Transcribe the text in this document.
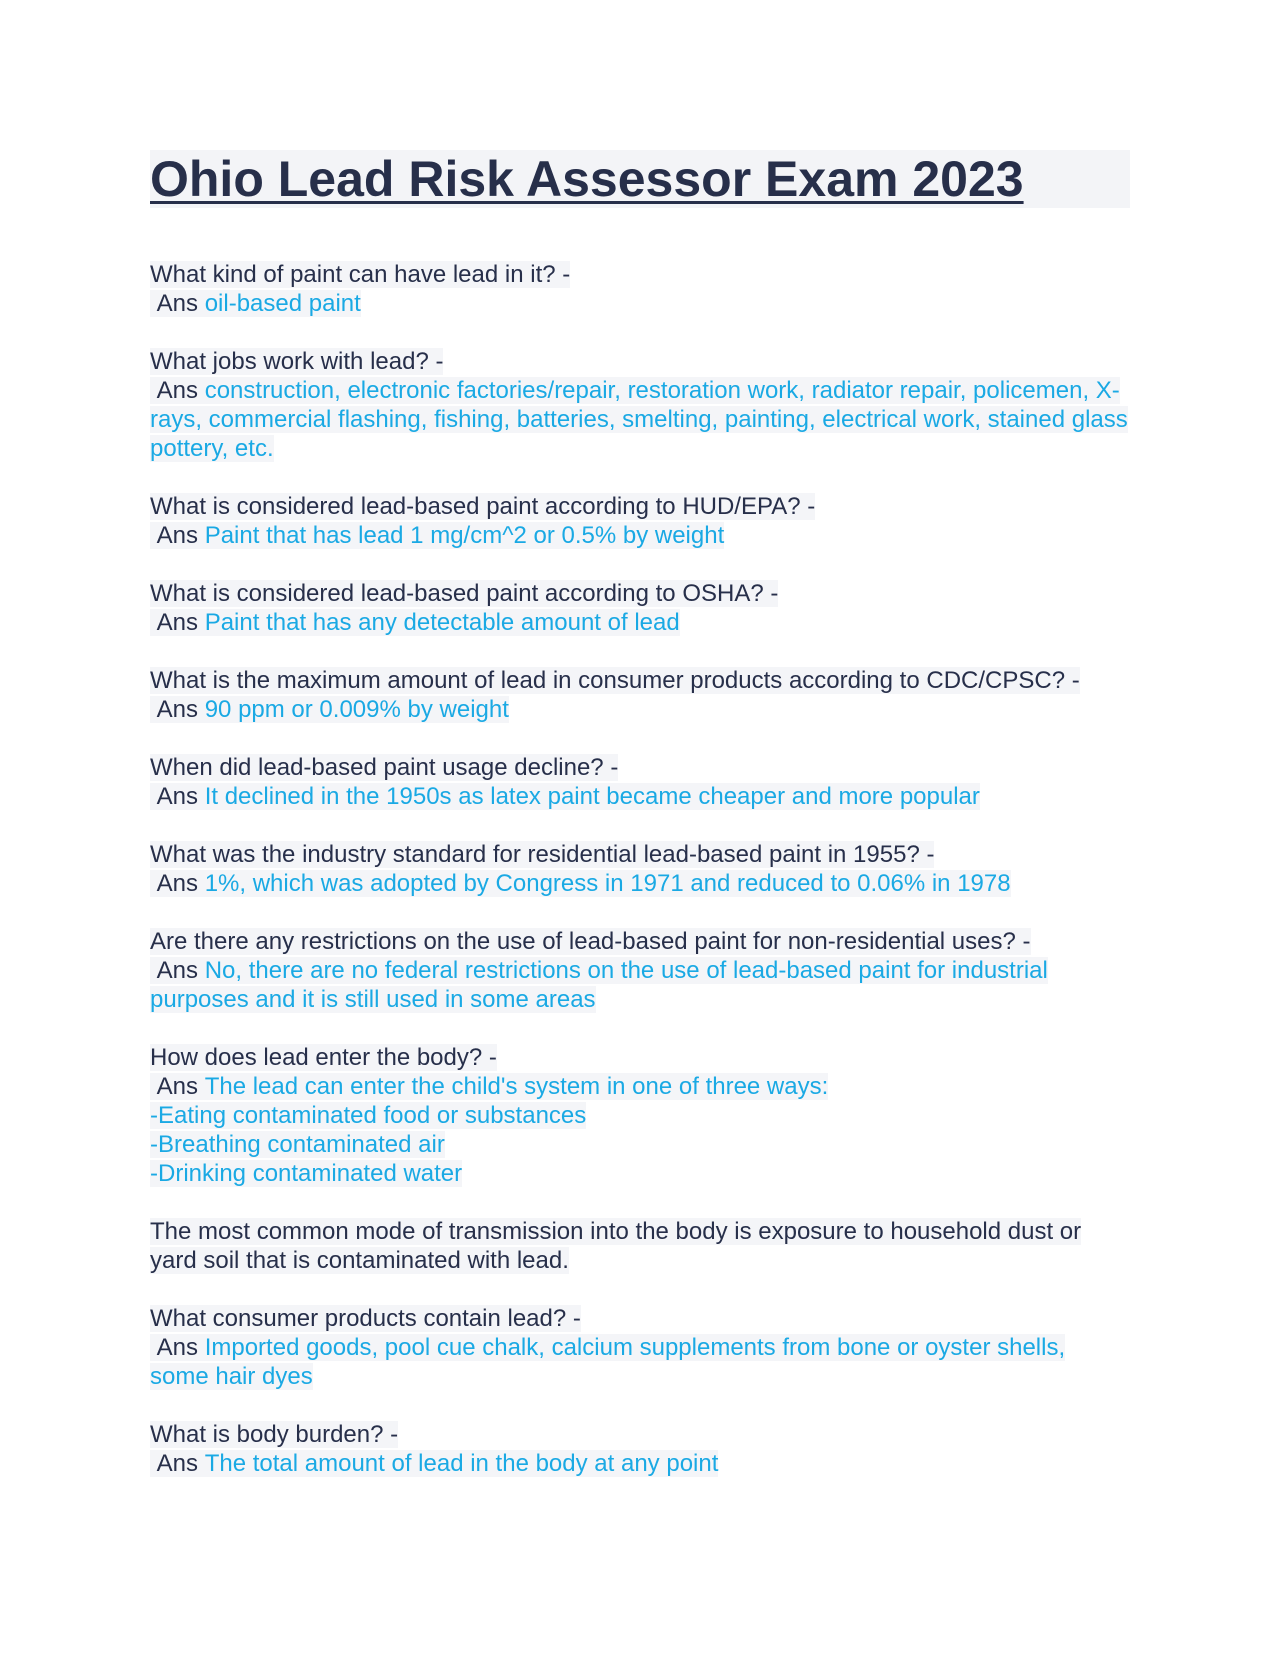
Ohio Lead Risk Assessor Exam 2023
What kind of paint can have lead in it? -
Ans oil-based paint
What jobs work with lead? -
Ans construction, electronic factories/repair, restoration work, radiator repair, policemen, X-rays, commercial flashing, fishing, batteries, smelting, painting, electrical work, stained glass pottery, etc.
What is considered lead-based paint according to HUD/EPA? -
Ans Paint that has lead 1 mg/cm^2 or 0.5% by weight
What is considered lead-based paint according to OSHA? -
Ans Paint that has any detectable amount of lead
What is the maximum amount of lead in consumer products according to CDC/CPSC? -
Ans 90 ppm or 0.009% by weight
When did lead-based paint usage decline? -
Ans It declined in the 1950s as latex paint became cheaper and more popular
What was the industry standard for residential lead-based paint in 1955? -
Ans 1%, which was adopted by Congress in 1971 and reduced to 0.06% in 1978
Are there any restrictions on the use of lead-based paint for non-residential uses? -
Ans No, there are no federal restrictions on the use of lead-based paint for industrial purposes and it is still used in some areas
How does lead enter the body? -
Ans The lead can enter the child's system in one of three ways:
-Eating contaminated food or substances
-Breathing contaminated air
-Drinking contaminated water
The most common mode of transmission into the body is exposure to household dust or yard soil that is contaminated with lead.
What consumer products contain lead? -
Ans Imported goods, pool cue chalk, calcium supplements from bone or oyster shells, some hair dyes
What is body burden? -
Ans The total amount of lead in the body at any point
